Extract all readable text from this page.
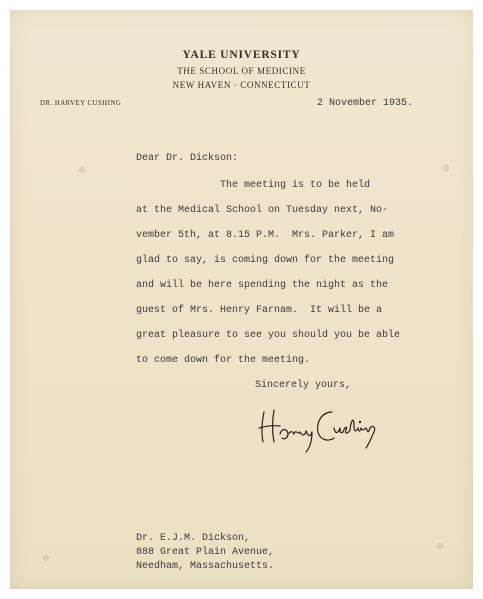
YALE UNIVERSITY
THE SCHOOL OF MEDICINE
NEW HAVEN · CONNECTICUT
DR. HARVEY CUSHING	2 November 1935.
Dear Dr. Dickson:
The meeting is to be held
at the Medical School on Tuesday next, No-
vember 5th, at 8.15 P.M.  Mrs. Parker, I am
glad to say, is coming down for the meeting
and will be here spending the night as the
guest of Mrs. Henry Farnam.  It will be a
great pleasure to see you should you be able
to come down for the meeting.
Sincerely yours,
Dr. E.J.M. Dickson,
888 Great Plain Avenue,
Needham, Massachusetts.
